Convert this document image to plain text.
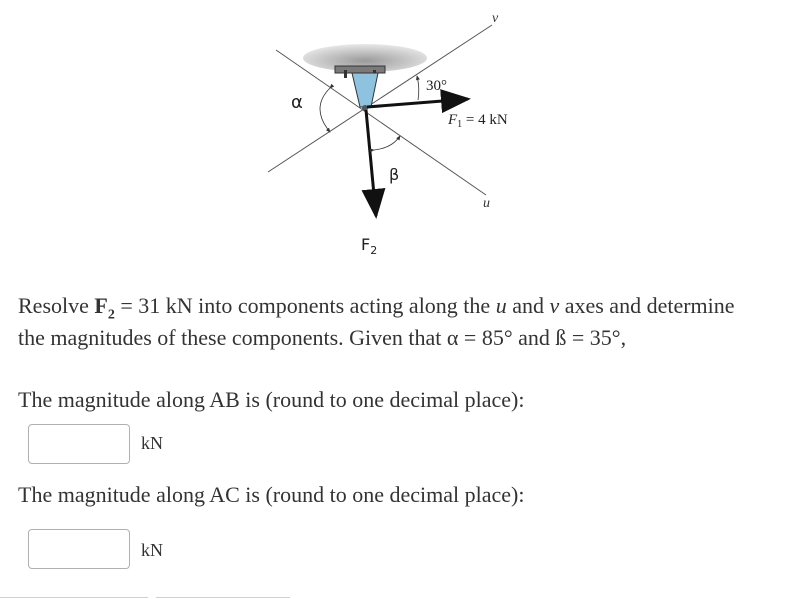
v
u
30°
$F_1 = 4$ kN
α
β
$F_2$
Resolve $F_2 = 31$ kN into components acting along the u and v axes and determine the magnitudes of these components. Given that α = 85° and ß = 35°,
The magnitude along AB is (round to one decimal place):
kN
The magnitude along AC is (round to one decimal place):
kN
